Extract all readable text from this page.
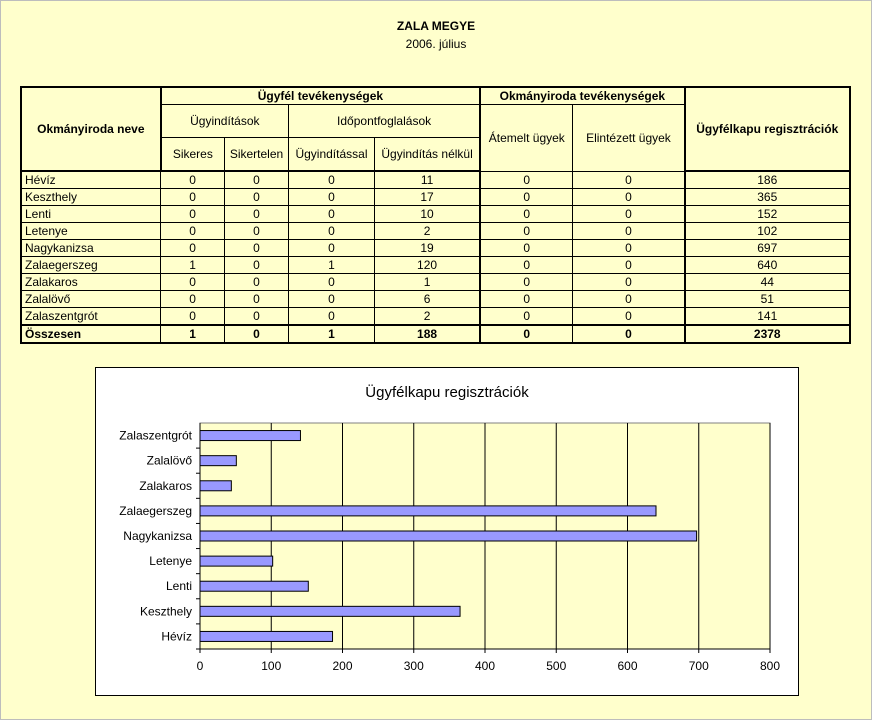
ZALA MEGYE
2006. július
Okmányiroda neve	Ügyfél tevékenységek				Okmányiroda tevékenységek		Ügyfélkapu regisztrációk
	Ügyindítások		Időpontfoglalások		Átemelt ügyek	Elintézett ügyek	
	Sikeres	Sikertelen	Ügyindítással	Ügyindítás nélkül			
Hévíz	0	0	0	11	0	0	186
Keszthely	0	0	0	17	0	0	365
Lenti	0	0	0	10	0	0	152
Letenye	0	0	0	2	0	0	102
Nagykanizsa	0	0	0	19	0	0	697
Zalaegerszeg	1	0	1	120	0	0	640
Zalakaros	0	0	0	1	0	0	44
Zalalövő	0	0	0	6	0	0	51
Zalaszentgrót	0	0	0	2	0	0	141
Összesen	1	0	1	188	0	0	2378
Ügyfélkapu regisztrációk
0	100	200	300	400	500	600	700	800
Hévíz
Keszthely
Lenti
Letenye
Nagykanizsa
Zalaegerszeg
Zalakaros
Zalalövő
Zalaszentgrót
